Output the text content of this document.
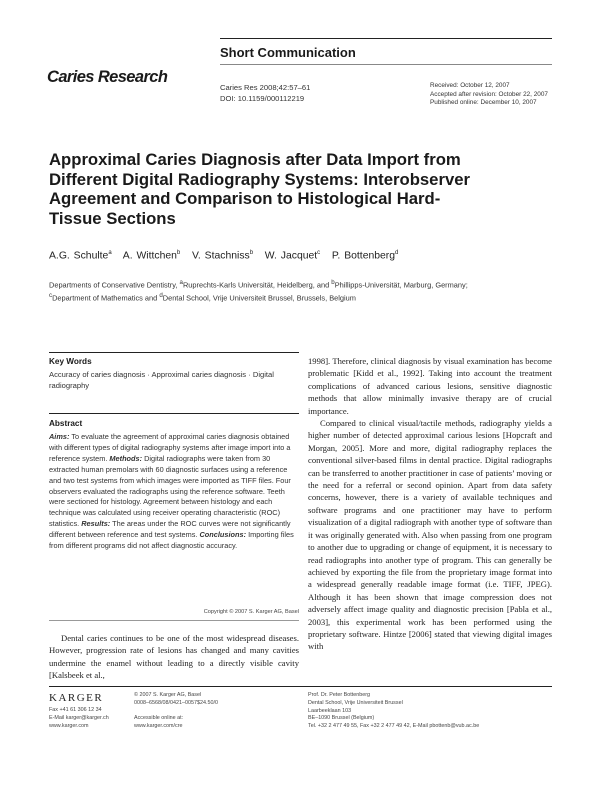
Short Communication
Caries Research
Caries Res 2008;42:57–61
DOI: 10.1159/000112219
Received: October 12, 2007
Accepted after revision: October 22, 2007
Published online: December 10, 2007
Approximal Caries Diagnosis after Data Import from Different Digital Radiography Systems: Interobserver Agreement and Comparison to Histological Hard-Tissue Sections
A.G. Schulte$^a$ A. Wittchen$^b$ V. Stachniss$^b$ W. Jacquet$^c$ P. Bottenberg$^d$
Departments of Conservative Dentistry, $^a$Ruprechts-Karls Universität, Heidelberg, and $^b$Phillipps-Universität, Marburg, Germany; $^c$Department of Mathematics and $^d$Dental School, Vrije Universiteit Brussel, Brussels, Belgium
Key Words
Accuracy of caries diagnosis · Approximal caries diagnosis · Digital radiography
Abstract
Aims: To evaluate the agreement of approximal caries diagnosis obtained with different types of digital radiography systems after image import into a reference system. Methods: Digital radiographs were taken from 30 extracted human premolars with 60 diagnostic surfaces using a reference and two test systems from which images were imported as TIFF files. Four observers evaluated the radiographs using the reference software. Teeth were sectioned for histology. Agreement between histology and each technique was calculated using receiver operating characteristic (ROC) statistics. Results: The areas under the ROC curves were not significantly different between reference and test systems. Conclusions: Importing files from different programs did not affect diagnostic accuracy.
Copyright © 2007 S. Karger AG, Basel
Dental caries continues to be one of the most widespread diseases. However, progression rate of lesions has changed and many cavities undermine the enamel without leading to a directly visible cavity [Kalsbeek et al.,

1998]. Therefore, clinical diagnosis by visual examination has become problematic [Kidd et al., 1992]. Taking into account the treatment complications of advanced carious lesions, sensitive diagnostic methods that allow minimally invasive therapy are of crucial importance.

Compared to clinical visual/tactile methods, radiography yields a higher number of detected approximal carious lesions [Hopcraft and Morgan, 2005]. More and more, digital radiography replaces the conventional silver-based films in dental practice. Digital radiographs can be transferred to another practitioner in case of patients’ moving or the need for a referral or second opinion. Apart from data safety concerns, however, there is a variety of available techniques and software programs and one practitioner may have to perform visualization of a digital radiograph with another type of software than it was originally generated with. Also when passing from one program to another due to upgrading or change of equipment, it is necessary to read radiographs into another type of program. This can generally be achieved by exporting the file from the proprietary image format into a widespread generally readable image format (i.e. TIFF, JPEG). Although it has been shown that image compression does not adversely affect image quality and diagnostic precision [Pabla et al., 2003], this experimental work has been performed using the proprietary software. Hintze [2006] stated that viewing digital images with

KARGER
Fax +41 61 306 12 34
E-Mail karger@karger.ch
www.karger.com
© 2007 S. Karger AG, Basel
0008–6568/08/0421–0057$24.50/0
Accessible online at:
www.karger.com/cre
Prof. Dr. Peter Bottenberg
Dental School, Vrije Universiteit Brussel
Laarbeeklaan 103
BE–1090 Brussel (Belgium)
Tel. +32 2 477 49 55, Fax +32 2 477 49 42, E-Mail pbottenb@vub.ac.be
